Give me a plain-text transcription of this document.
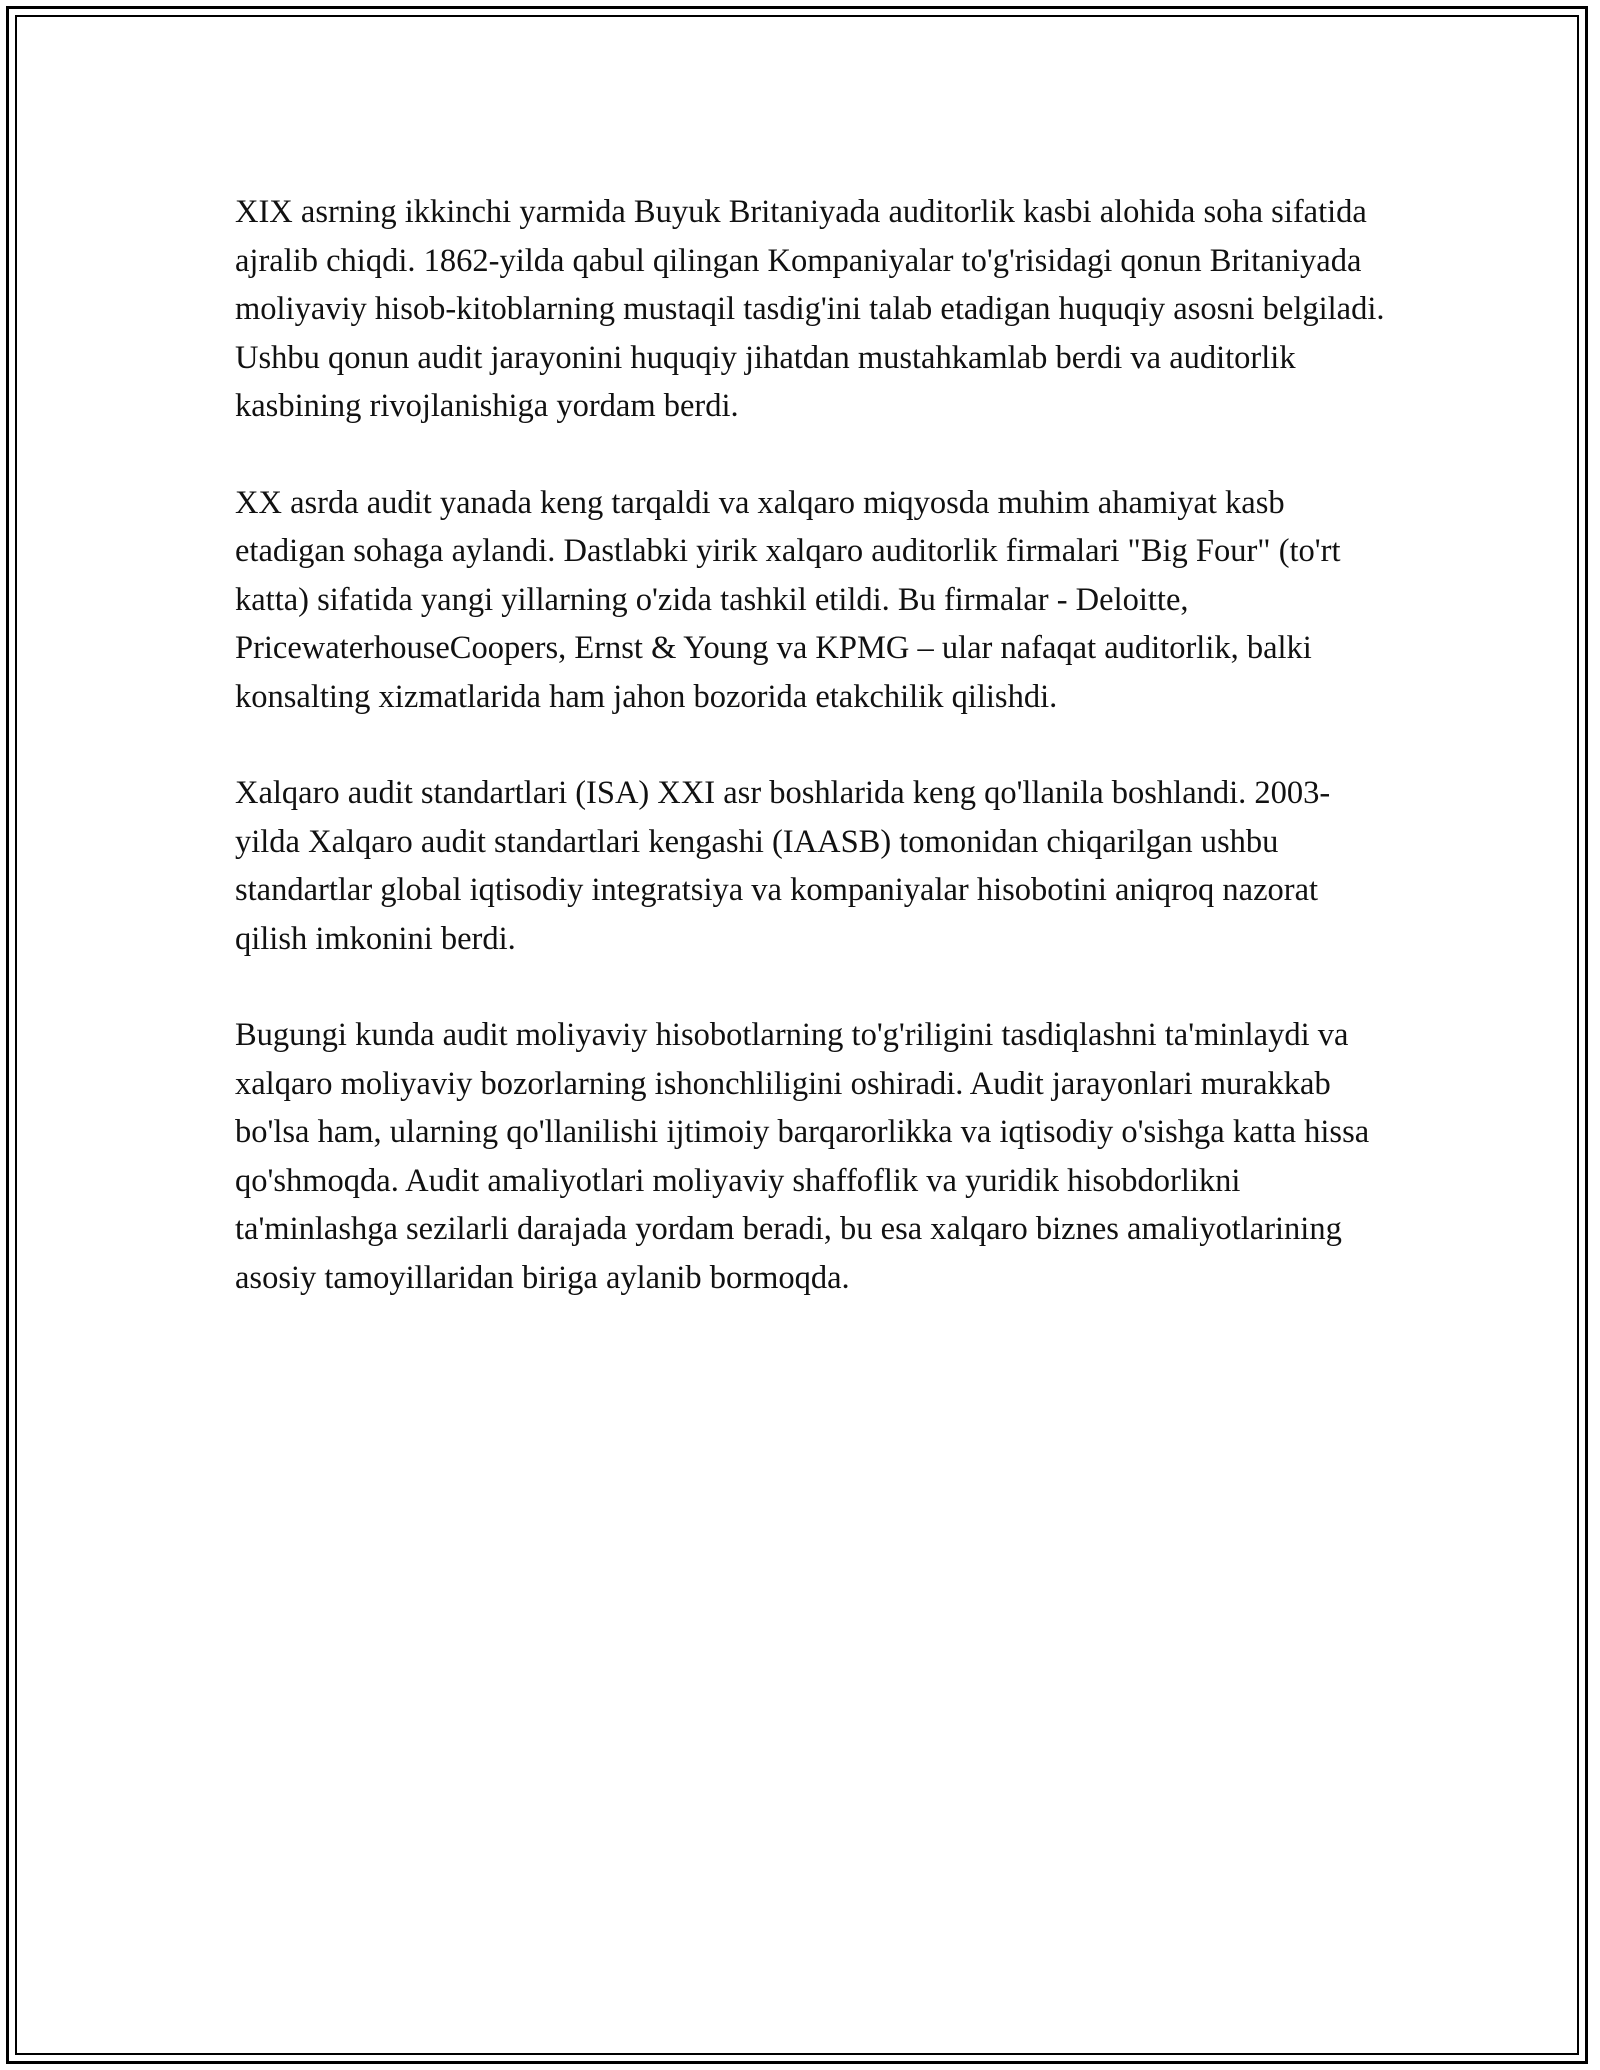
XIX asrning ikkinchi yarmida Buyuk Britaniyada auditorlik kasbi alohida soha sifatida ajralib chiqdi. 1862-yilda qabul qilingan Kompaniyalar to'g'risidagi qonun Britaniyada moliyaviy hisob-kitoblarning mustaqil tasdig'ini talab etadigan huquqiy asosni belgiladi. Ushbu qonun audit jarayonini huquqiy jihatdan mustahkamlab berdi va auditorlik kasbining rivojlanishiga yordam berdi.

XX asrda audit yanada keng tarqaldi va xalqaro miqyosda muhim ahamiyat kasb etadigan sohaga aylandi. Dastlabki yirik xalqaro auditorlik firmalari "Big Four" (to'rt katta) sifatida yangi yillarning o'zida tashkil etildi. Bu firmalar - Deloitte, PricewaterhouseCoopers, Ernst & Young va KPMG – ular nafaqat auditorlik, balki konsalting xizmatlarida ham jahon bozorida etakchilik qilishdi.

Xalqaro audit standartlari (ISA) XXI asr boshlarida keng qo'llanila boshlandi. 2003-yilda Xalqaro audit standartlari kengashi (IAASB) tomonidan chiqarilgan ushbu standartlar global iqtisodiy integratsiya va kompaniyalar hisobotini aniqroq nazorat qilish imkonini berdi.

Bugungi kunda audit moliyaviy hisobotlarning to'g'riligini tasdiqlashni ta'minlaydi va xalqaro moliyaviy bozorlarning ishonchliligini oshiradi. Audit jarayonlari murakkab bo'lsa ham, ularning qo'llanilishi ijtimoiy barqarorlikka va iqtisodiy o'sishga katta hissa qo'shmoqda. Audit amaliyotlari moliyaviy shaffoflik va yuridik hisobdorlikni ta'minlashga sezilarli darajada yordam beradi, bu esa xalqaro biznes amaliyotlarining asosiy tamoyillaridan biriga aylanib bormoqda.
